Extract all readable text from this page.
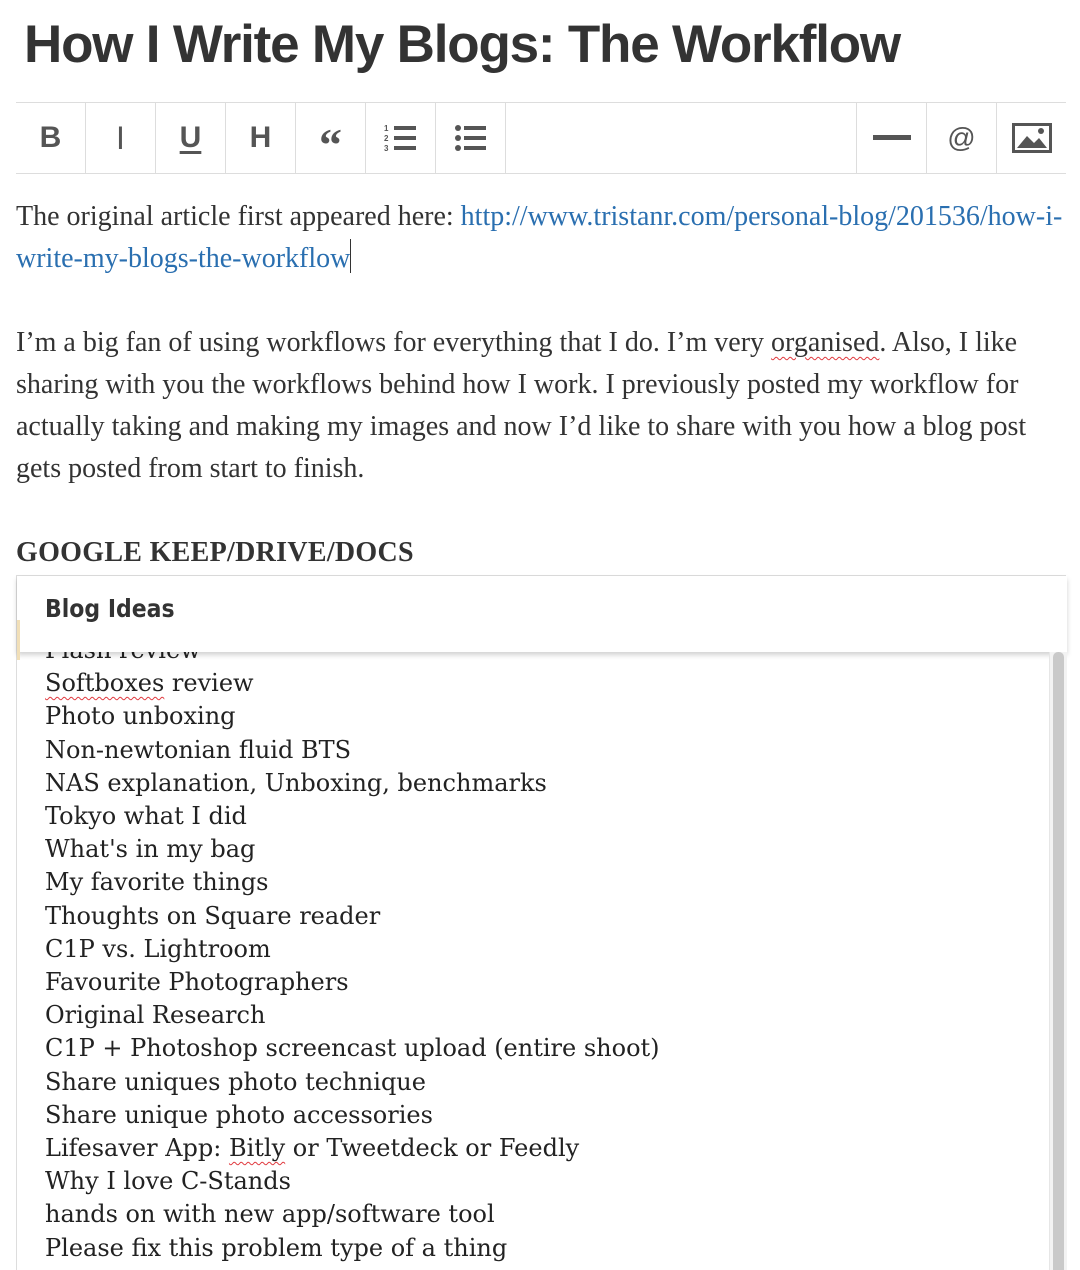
How I Write My Blogs: The Workflow
B I U H “	1
2
3	@

The original article first appeared here: http://www.tristanr.com/personal-blog/201536/how-i-write-my-blogs-the-workflow

I’m a big fan of using workflows for everything that I do. I’m very organised. Also, I like sharing with you the workflows behind how I work. I previously posted my workflow for actually taking and making my images and now I’d like to share with you how a blog post gets posted from start to finish.

GOOGLE KEEP/DRIVE/DOCS
Softboxes review
Photo unboxing
Non-newtonian fluid BTS
NAS explanation, Unboxing, benchmarks
Tokyo what I did
What's in my bag
My favorite things
Thoughts on Square reader
C1P vs. Lightroom
Favourite Photographers
Original Research
C1P + Photoshop screencast upload (entire shoot)
Share uniques photo technique
Share unique photo accessories
Lifesaver App: Bitly or Tweetdeck or Feedly
Why I love C-Stands
hands on with new app/software tool
Please fix this problem type of a thing
Blog Ideas
